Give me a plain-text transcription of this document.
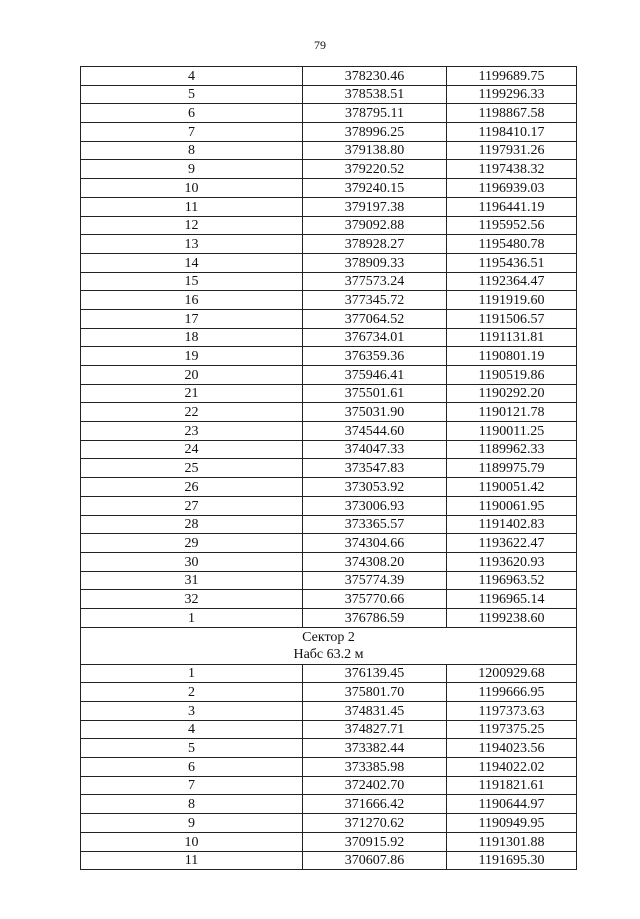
79
4	378230.46	1199689.75
5	378538.51	1199296.33
6	378795.11	1198867.58
7	378996.25	1198410.17
8	379138.80	1197931.26
9	379220.52	1197438.32
10	379240.15	1196939.03
11	379197.38	1196441.19
12	379092.88	1195952.56
13	378928.27	1195480.78
14	378909.33	1195436.51
15	377573.24	1192364.47
16	377345.72	1191919.60
17	377064.52	1191506.57
18	376734.01	1191131.81
19	376359.36	1190801.19
20	375946.41	1190519.86
21	375501.61	1190292.20
22	375031.90	1190121.78
23	374544.60	1190011.25
24	374047.33	1189962.33
25	373547.83	1189975.79
26	373053.92	1190051.42
27	373006.93	1190061.95
28	373365.57	1191402.83
29	374304.66	1193622.47
30	374308.20	1193620.93
31	375774.39	1196963.52
32	375770.66	1196965.14
1	376786.59	1199238.60

Сектор 2
Набс 63.2 м		

1	376139.45	1200929.68
2	375801.70	1199666.95
3	374831.45	1197373.63
4	374827.71	1197375.25
5	373382.44	1194023.56
6	373385.98	1194022.02
7	372402.70	1191821.61
8	371666.42	1190644.97
9	371270.62	1190949.95
10	370915.92	1191301.88
11	370607.86	1191695.30
